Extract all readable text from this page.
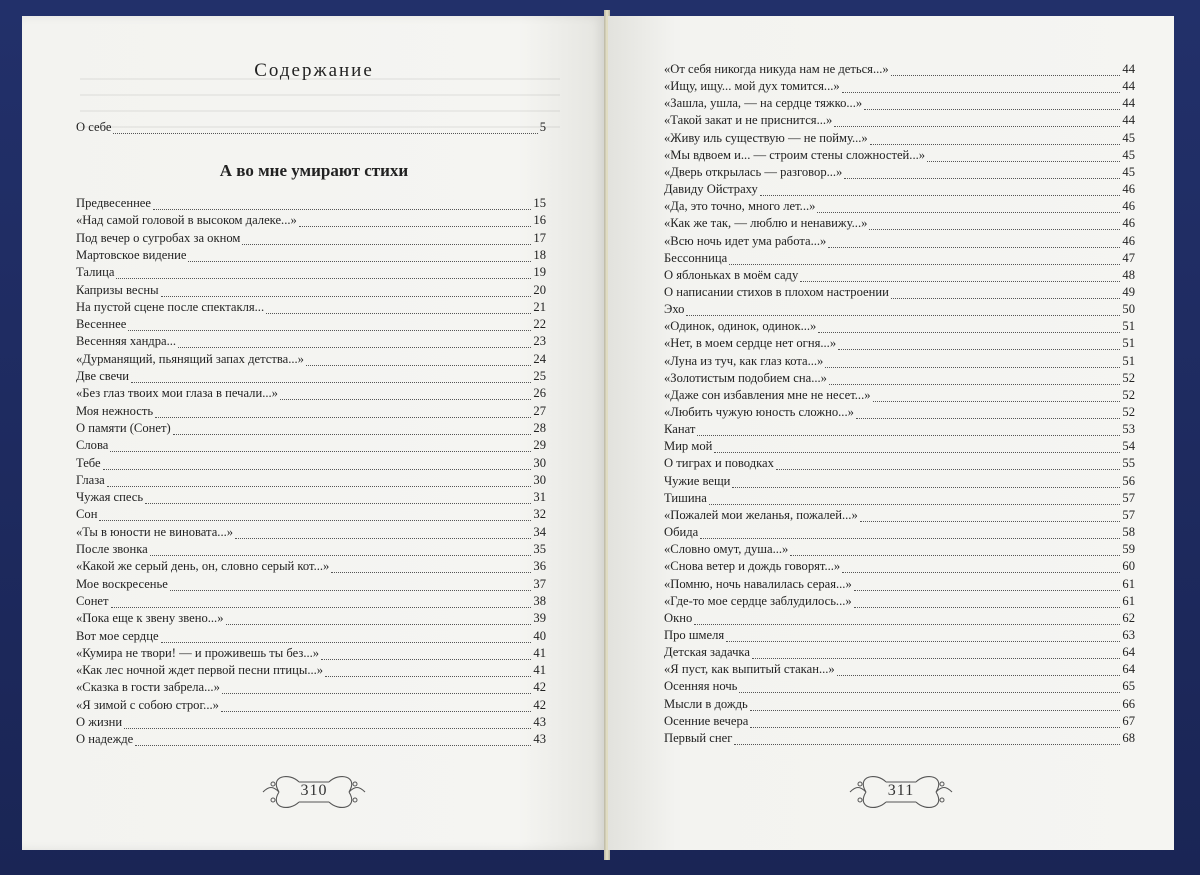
Содержание
А во мне умирают стихи
310
О себе	5
Предвесеннее	15
«Над самой головой в высоком далеке...»	16
Под вечер о сугробах за окном	17
Мартовское видение	18
Талица	19
Капризы весны	20
На пустой сцене после спектакля...	21
Весеннее	22
Весенняя хандра...	23
«Дурманящий, пьянящий запах детства...»	24
Две свечи	25
«Без глаз твоих мои глаза в печали...»	26
Моя нежность	27
О памяти (Сонет)	28
Слова	29
Тебе	30
Глаза	30
Чужая спесь	31
Сон	32
«Ты в юности не виновата...»	34
После звонка	35
«Какой же серый день, он, словно серый кот...»	36
Мое воскресенье	37
Сонет	38
«Пока еще к звену звено...»	39
Вот мое сердце	40
«Кумира не твори! — и проживешь ты без...»	41
«Как лес ночной ждет первой песни птицы...»	41
«Сказка в гости забрела...»	42
«Я зимой с собою строг...»	42
О жизни	43
О надежде	43
311
«От себя никогда никуда нам не деться...»	44
«Ищу, ищу... мой дух томится...»	44
«Зашла, ушла, — на сердце тяжко...»	44
«Такой закат и не приснится...»	44
«Живу иль существую — не пойму...»	45
«Мы вдвоем и... — строим стены сложностей...»	45
«Дверь открылась — разговор...»	45
Давиду Ойстраху	46
«Да, это точно, много лет...»	46
«Как же так, — люблю и ненавижу...»	46
«Всю ночь идет ума работа...»	46
Бессонница	47
О яблоньках в моём саду	48
О написании стихов в плохом настроении	49
Эхо	50
«Одинок, одинок, одинок...»	51
«Нет, в моем сердце нет огня...»	51
«Луна из туч, как глаз кота...»	51
«Золотистым подобием сна...»	52
«Даже сон избавления мне не несет...»	52
«Любить чужую юность сложно...»	52
Канат	53
Мир мой	54
О тиграх и поводках	55
Чужие вещи	56
Тишина	57
«Пожалей мои желанья, пожалей...»	57
Обида	58
«Словно омут, душа...»	59
«Снова ветер и дождь говорят...»	60
«Помню, ночь навалилась серая...»	61
«Где-то мое сердце заблудилось...»	61
Окно	62
Про шмеля	63
Детская задачка	64
«Я пуст, как выпитый стакан...»	64
Осенняя ночь	65
Мысли в дождь	66
Осенние вечера	67
Первый снег	68
